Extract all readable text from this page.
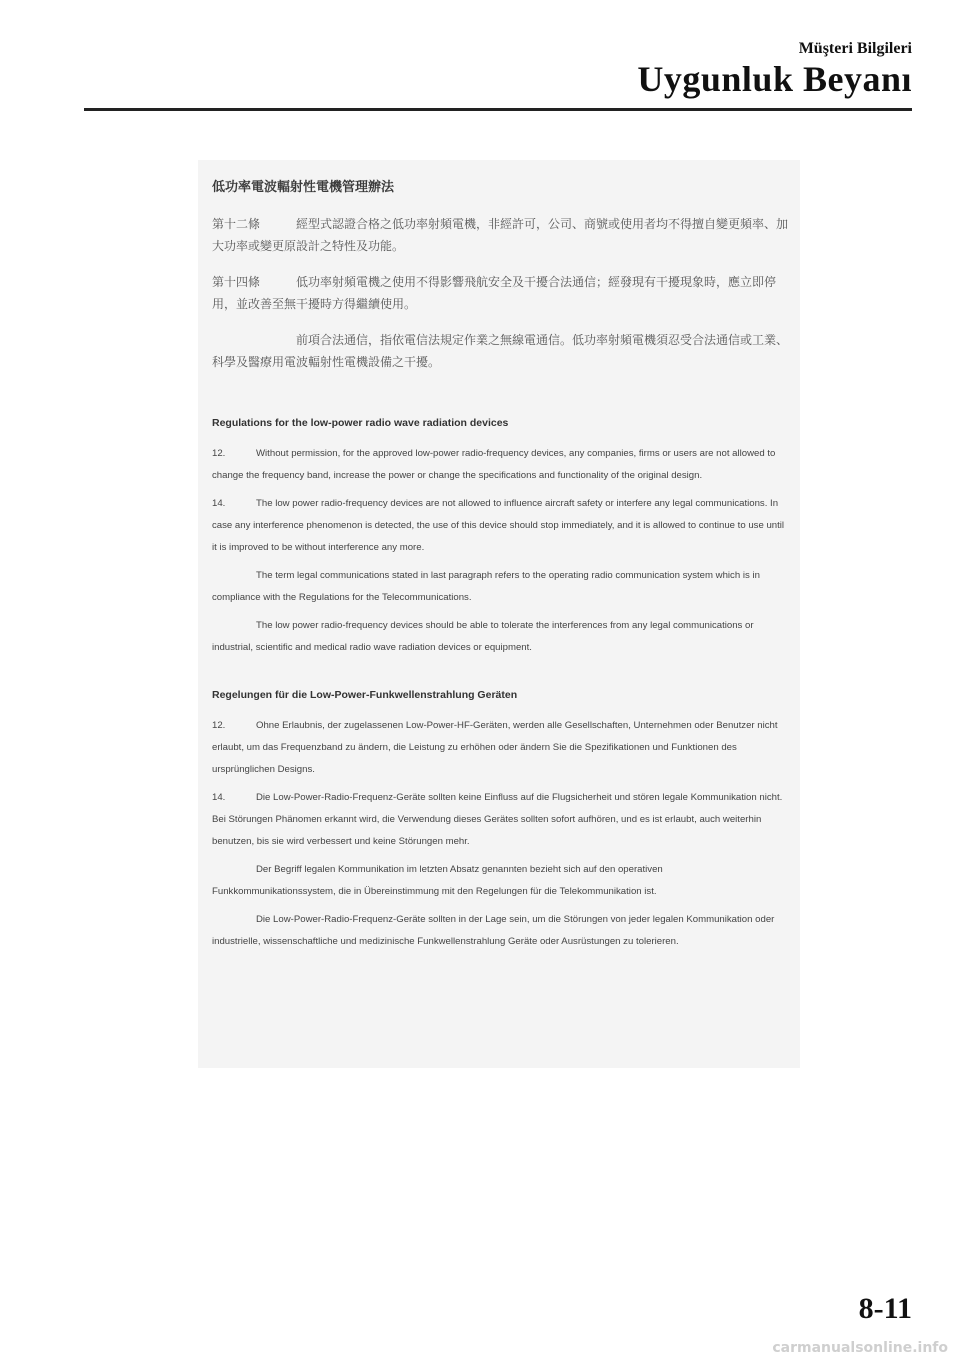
Müşteri Bilgileri
Uygunluk Beyanı
低功率電波輻射性電機管理辦法

第十二條	經型式認證合格之低功率射頻電機，非經許可，公司、商號或使用者均不得擅自變更頻率、加大功率或變更原設計之特性及功能。

第十四條	低功率射頻電機之使用不得影響飛航安全及干擾合法通信；經發現有干擾現象時，應立即停用，並改善至無干擾時方得繼續使用。

前項合法通信，指依電信法規定作業之無線電通信。低功率射頻電機須忍受合法通信或工業、科學及醫療用電波輻射性電機設備之干擾。

Regulations for the low-power radio wave radiation devices

12.	Without permission, for the approved low-power radio-frequency devices, any companies, firms or users are not allowed to change the frequency band, increase the power or change the specifications and functionality of the original design.

14.	The low power radio-frequency devices are not allowed to influence aircraft safety or interfere any legal communications. In case any interference phenomenon is detected, the use of this device should stop immediately, and it is allowed to continue to use until it is improved to be without interference any more.

The term legal communications stated in last paragraph refers to the operating radio communication system which is in compliance with the Regulations for the Telecommunications.

The low power radio-frequency devices should be able to tolerate the interferences from any legal communications or industrial, scientific and medical radio wave radiation devices or equipment.

Regelungen für die Low-Power-Funkwellenstrahlung Geräten

12.	Ohne Erlaubnis, der zugelassenen Low-Power-HF-Geräten, werden alle Gesellschaften, Unternehmen oder Benutzer nicht erlaubt, um das Frequenzband zu ändern, die Leistung zu erhöhen oder ändern Sie die Spezifikationen und Funktionen des ursprünglichen Designs.

14.	Die Low-Power-Radio-Frequenz-Geräte sollten keine Einfluss auf die Flugsicherheit und stören legale Kommunikation nicht. Bei Störungen Phänomen erkannt wird, die Verwendung dieses Gerätes sollten sofort aufhören, und es ist erlaubt, auch weiterhin benutzen, bis sie wird verbessert und keine Störungen mehr.

Der Begriff legalen Kommunikation im letzten Absatz genannten bezieht sich auf den operativen Funkkommunikationssystem, die in Übereinstimmung mit den Regelungen für die Telekommunikation ist.

Die Low-Power-Radio-Frequenz-Geräte sollten in der Lage sein, um die Störungen von jeder legalen Kommunikation oder industrielle, wissenschaftliche und medizinische Funkwellenstrahlung Geräte oder Ausrüstungen zu tolerieren.

8-11
carmanualsonline.info
